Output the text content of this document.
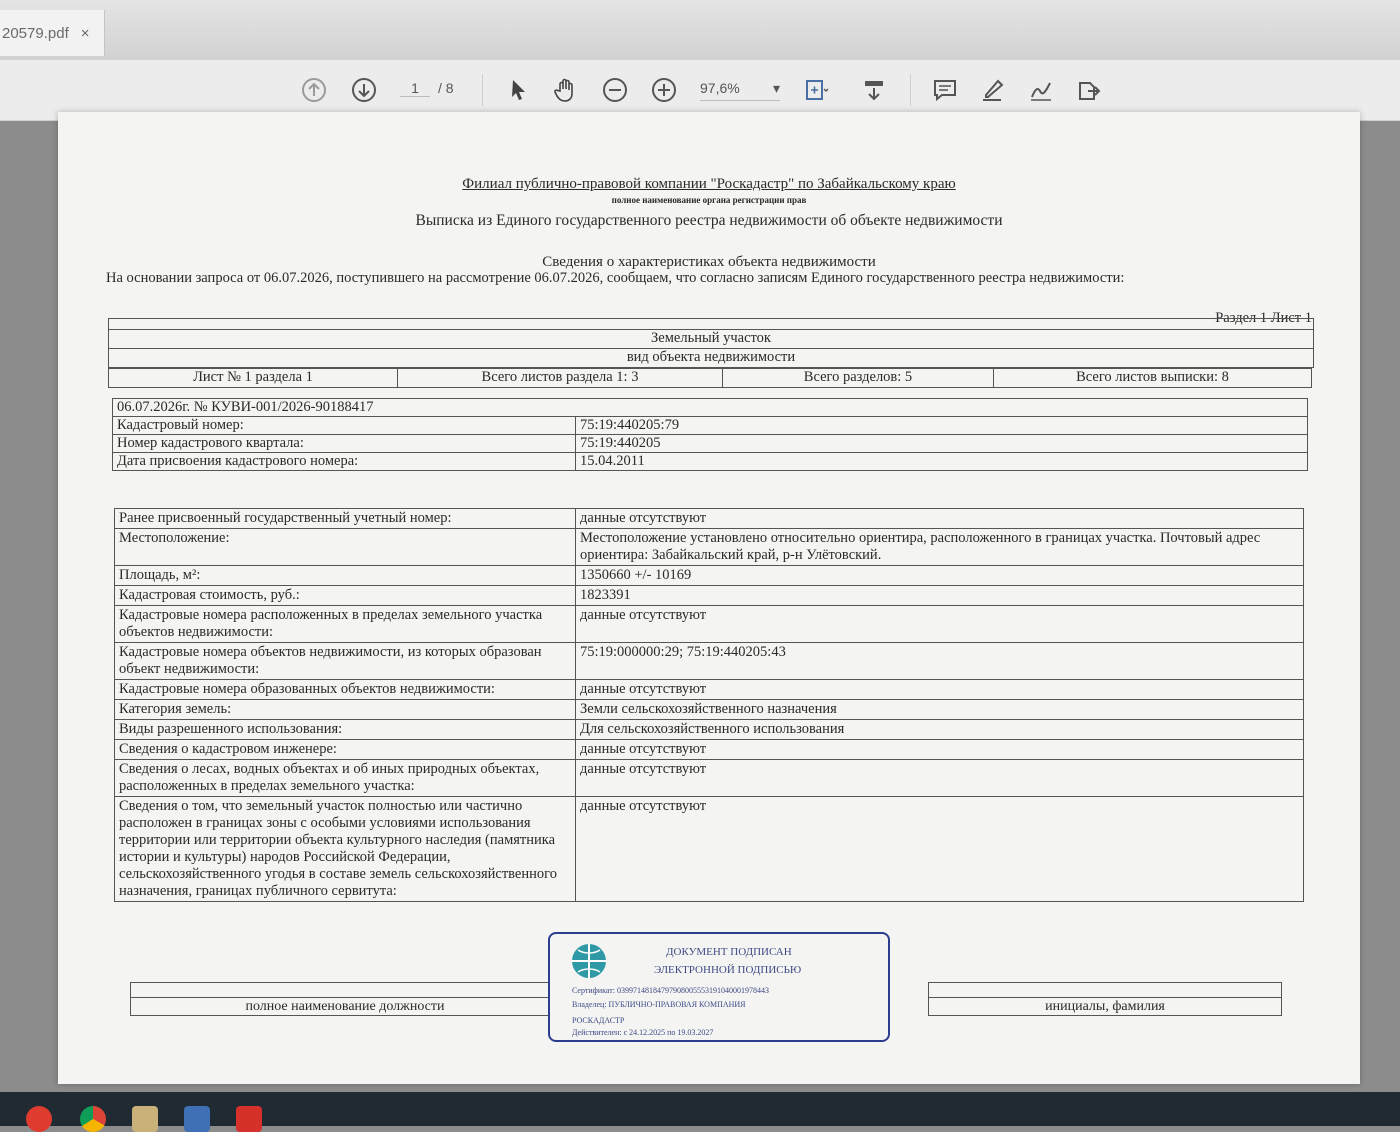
20579.pdf ×
1	/ 8	97,6% ▾
Филиал публично-правовой компании "Роскадастр" по Забайкальскому краю
полное наименование органа регистрации прав
Выписка из Единого государственного реестра недвижимости об объекте недвижимости
Сведения о характеристиках объекта недвижимости
На основании запроса от 06.07.2026, поступившего на рассмотрение 06.07.2026, сообщаем, что согласно записям Единого государственного реестра недвижимости:
Раздел 1 Лист 1

Земельный участок
вид объекта недвижимости
Лист № 1 раздела 1	Всего листов раздела 1: 3	Всего разделов: 5	Всего листов выписки: 8
06.07.2026г. № КУВИ-001/2026-90188417	
Кадастровый номер:	75:19:440205:79
Номер кадастрового квартала:	75:19:440205
Дата присвоения кадастрового номера:	15.04.2011
Ранее присвоенный государственный учетный номер:	данные отсутствуют
Местоположение:	Местоположение установлено относительно ориентира, расположенного в границах участка. Почтовый адрес ориентира: Забайкальский край, р-н Улётовский.
Площадь, м²:	1350660 +/- 10169
Кадастровая стоимость, руб.:	1823391
Кадастровые номера расположенных в пределах земельного участка объектов недвижимости:	данные отсутствуют
Кадастровые номера объектов недвижимости, из которых образован объект недвижимости:	75:19:000000:29; 75:19:440205:43
Кадастровые номера образованных объектов недвижимости:	данные отсутствуют
Категория земель:	Земли сельскохозяйственного назначения
Виды разрешенного использования:	Для сельскохозяйственного использования
Сведения о кадастровом инженере:	данные отсутствуют
Сведения о лесах, водных объектах и об иных природных объектах, расположенных в пределах земельного участка:	данные отсутствуют
Сведения о том, что земельный участок полностью или частично расположен в границах зоны с особыми условиями использования территории или территории объекта культурного наследия (памятника истории и культуры) народов Российской Федерации, сельскохозяйственного угодья в составе земель сельскохозяйственного назначения, границах публичного сервитута:	данные отсутствуют

полное наименование должности		инициалы, фамилия
ДОКУМЕНТ ПОДПИСАН
ЭЛЕКТРОННОЙ ПОДПИСЬЮ
Сертификат: 0399714818479790800555319104000197844З
Владелец: ПУБЛИЧНО-ПРАВОВАЯ КОМПАНИЯ
РОСКАДАСТР
Действителен: с 24.12.2025 по 19.03.2027
